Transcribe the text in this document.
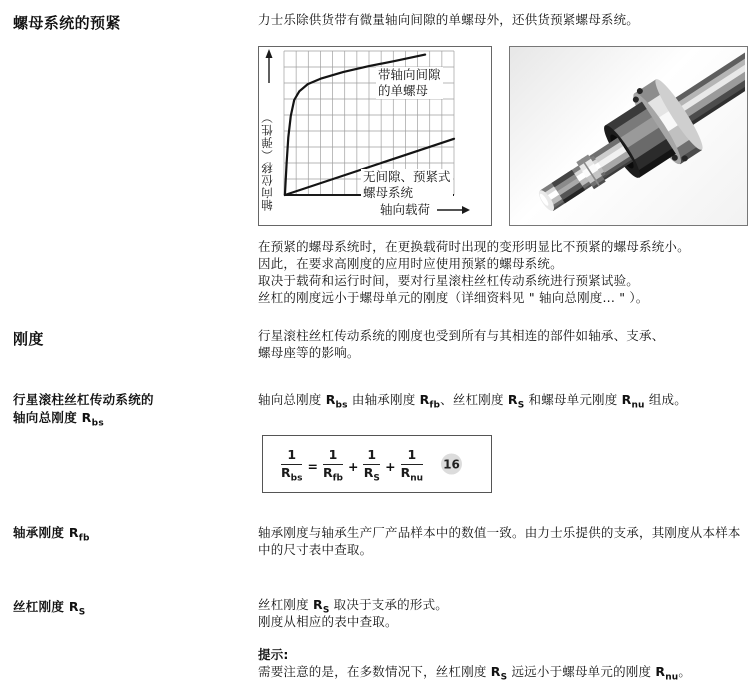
螺母系统的预紧	力士乐除供货带有微量轴向间隙的单螺母外，还供货预紧螺母系统。
轴向位移（弹性）
带轴向间隙
的单螺母
无间隙、预紧式
螺母系统
轴向载荷
在预紧的螺母系统时，在更换载荷时出现的变形明显比不预紧的螺母系统小。
因此，在要求高刚度的应用时应使用预紧的螺母系统。
取决于载荷和运行时间，要对行星滚柱丝杠传动系统进行预紧试验。
丝杠的刚度远小于螺母单元的刚度（详细资料见 " 轴向总刚度... " ）。
刚度	行星滚柱丝杠传动系统的刚度也受到所有与其相连的部件如轴承、支承、
螺母座等的影响。
行星滚柱丝杠传动系统的
轴向总刚度 $R_{bs}$
轴向总刚度 $R_{bs}$ 由轴承刚度 $R_{fb}$、丝杠刚度 $R_S$ 和螺母单元刚度 $R_{nu}$ 组成。
$\frac{1}{R_{bs}} = \frac{1}{R_{fb}} + \frac{1}{R_S} + \frac{1}{R_{nu}} 16$
轴承刚度 $R_{fb}$	轴承刚度与轴承生产厂产品样本中的数值一致。由力士乐提供的支承，其刚度从本样本
中的尺寸表中查取。
丝杠刚度 $R_S$
丝杠刚度 $R_S$ 取决于支承的形式。
刚度从相应的表中查取。
提示:
需要注意的是，在多数情况下，丝杠刚度 $R_S$ 远远小于螺母单元的刚度 $R_{nu}$。
